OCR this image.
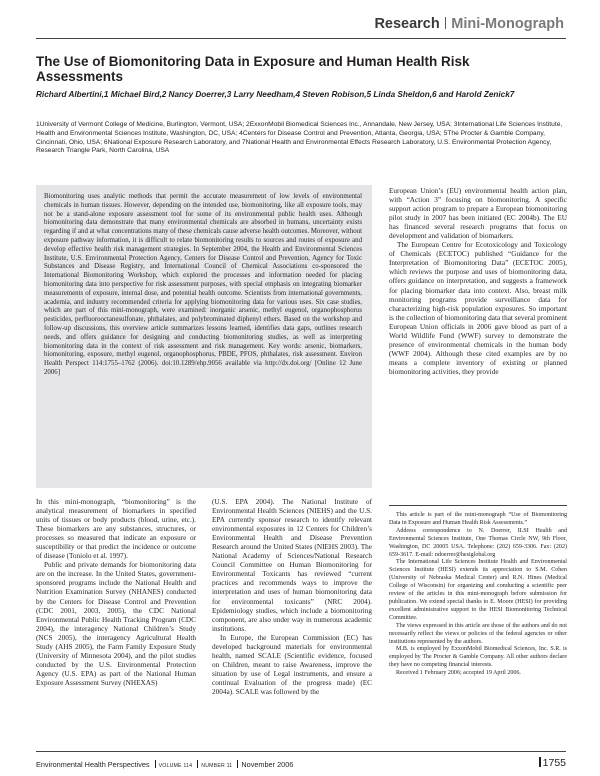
Research Mini-Monograph
The Use of Biomonitoring Data in Exposure and Human Health Risk Assessments
Richard Albertini,1 Michael Bird,2 Nancy Doerrer,3 Larry Needham,4 Steven Robison,5 Linda Sheldon,6 and Harold Zenick7
1University of Vermont College of Medicine, Burlington, Vermont, USA; 2ExxonMobil Biomedical Sciences Inc., Annandale, New Jersey, USA; 3International Life Sciences Institute, Health and Environmental Sciences Institute, Washington, DC, USA; 4Centers for Disease Control and Prevention, Atlanta, Georgia, USA; 5The Procter & Gamble Company, Cincinnati, Ohio, USA; 6National Exposure Research Laboratory, and 7National Health and Environmental Effects Research Laboratory, U.S. Environmental Protection Agency, Research Triangle Park, North Carolina, USA
Biomonitoring uses analytic methods that permit the accurate measurement of low levels of environmental chemicals in human tissues. However, depending on the intended use, biomonitoring, like all exposure tools, may not be a stand-alone exposure assessment tool for some of its environmental public health uses. Although biomonitoring data demonstrate that many environmental chemicals are absorbed in humans, uncertainty exists regarding if and at what concentrations many of these chemicals cause adverse health outcomes. Moreover, without exposure pathway information, it is difficult to relate biomonitoring results to sources and routes of exposure and develop effective health risk management strategies. In September 2004, the Health and Environmental Sciences Institute, U.S. Environmental Protection Agency, Centers for Disease Control and Prevention, Agency for Toxic Substances and Disease Registry, and International Council of Chemical Associations co-sponsored the International Biomonitoring Workshop, which explored the processes and information needed for placing biomonitoring data into perspective for risk assessment purposes, with special emphasis on integrating biomarker measurements of exposure, internal dose, and potential health outcome. Scientists from international governments, academia, and industry recommended criteria for applying biomonitoring data for various uses. Six case studies, which are part of this mini-monograph, were examined: inorganic arsenic, methyl eugenol, organophosphorus pesticides, perfluorooctanesulfonate, phthalates, and polybrominated diphenyl ethers. Based on the workshop and follow-up discussions, this overview article summarizes lessons learned, identifies data gaps, outlines research needs, and offers guidance for designing and conducting biomonitoring studies, as well as interpreting biomonitoring data in the context of risk assessment and risk management. Key words: arsenic, biomarkers, biomonitoring, exposure, methyl eugenol, organophosphorus, PBDE, PFOS, phthalates, risk assessment. Environ Health Perspect 114:1755–1762 (2006). doi:10.1289/ehp.9056 available via http://dx.doi.org/ [Online 12 June 2006]

In this mini-monograph, “biomonitoring” is the analytical measurement of biomarkers in specified units of tissues or body products (blood, urine, etc.). These biomarkers are any substances, structures, or processes so measured that indicate an exposure or susceptibility or that predict the incidence or outcome of disease (Toniolo et al. 1997).

Public and private demands for biomonitoring data are on the increase. In the United States, government-sponsored programs include the National Health and Nutrition Examination Survey (NHANES) conducted by the Centers for Disease Control and Prevention (CDC 2001, 2003, 2005), the CDC National Environmental Public Health Tracking Program (CDC 2004), the interagency National Children’s Study (NCS 2005), the interagency Agricultural Health Study (AHS 2005), the Farm Family Exposure Study (University of Minnesota 2004), and the pilot studies conducted by the U.S. Environmental Protection Agency (U.S. EPA) as part of the National Human Exposure Assessment Survey (NHEXAS)

(U.S. EPA 2004). The National Institute of Environmental Health Sciences (NIEHS) and the U.S. EPA currently sponsor research to identify relevant environmental exposures in 12 Centers for Children’s Environmental Health and Disease Prevention Research around the United States (NIEHS 2003). The National Academy of Sciences/National Research Council Committee on Human Biomonitoring for Environmental Toxicants has reviewed “current practices and recommends ways to improve the interpretation and uses of human biomonitoring data for environmental toxicants” (NRC 2004). Epidemiology studies, which include a biomonitoring component, are also under way in numerous academic institutions.

In Europe, the European Commission (EC) has developed background materials for environmental health, named SCALE (Scientific evidence, focused on Children, meant to raise Awareness, improve the situation by use of Legal instruments, and ensure a continual Evaluation of the progress made) (EC 2004a). SCALE was followed by the

European Union’s (EU) environmental health action plan, with “Action 3” focusing on biomonitoring. A specific support action program to prepare a European biomonitoring pilot study in 2007 has been initiated (EC 2004b). The EU has financed several research programs that focus on development and validation of biomarkers.

The European Centre for Ecotoxicology and Toxicology of Chemicals (ECETOC) published “Guidance for the Interpretation of Biomonitoring Data” (ECETOC 2005), which reviews the purpose and uses of biomonitoring data, offers guidance on interpretation, and suggests a framework for placing biomarker data into context. Also, breast milk monitoring programs provide surveillance data for characterizing high-risk population exposures. So important is the collection of biomonitoring data that several prominent European Union officials in 2006 gave blood as part of a World Wildlife Fund (WWF) survey to demonstrate the presence of environmental chemicals in the human body (WWF 2004). Although these cited examples are by no means a complete inventory of existing or planned biomonitoring activities, they provide

This article is part of the mini-monograph “Use of Biomonitoring Data in Exposure and Human Health Risk Assessments.”

Address correspondence to N. Doerrer, ILSI Health and Environmental Sciences Institute, One Thomas Circle NW, 9th Floor, Washington, DC 20005 USA. Telephone: (202) 659-3306. Fax: (202) 659-3617. E-mail: ndoerrer@hesiglobal.org

The International Life Sciences Institute Health and Environmental Sciences Institute (HESI) extends its appreciation to S.M. Cohen (University of Nebraska Medical Center) and R.N. Hines (Medical College of Wisconsin) for organizing and conducting a scientific peer review of the articles in this mini-monograph before submission for publication. We extend special thanks to E. Moore (HESI) for providing excellent administrative support to the HESI Biomonitoring Technical Committee.

The views expressed in this article are those of the authors and do not necessarily reflect the views or policies of the federal agencies or other institutions represented by the authors.

M.B. is employed by ExxonMobil Biomedical Sciences, Inc. S.R. is employed by The Procter & Gamble Company. All other authors declare they have no competing financial interests.

Received 1 February 2006; accepted 19 April 2006.

Environmental Health Perspectives VOLUME 114 NUMBER 11 November 2006	1755
